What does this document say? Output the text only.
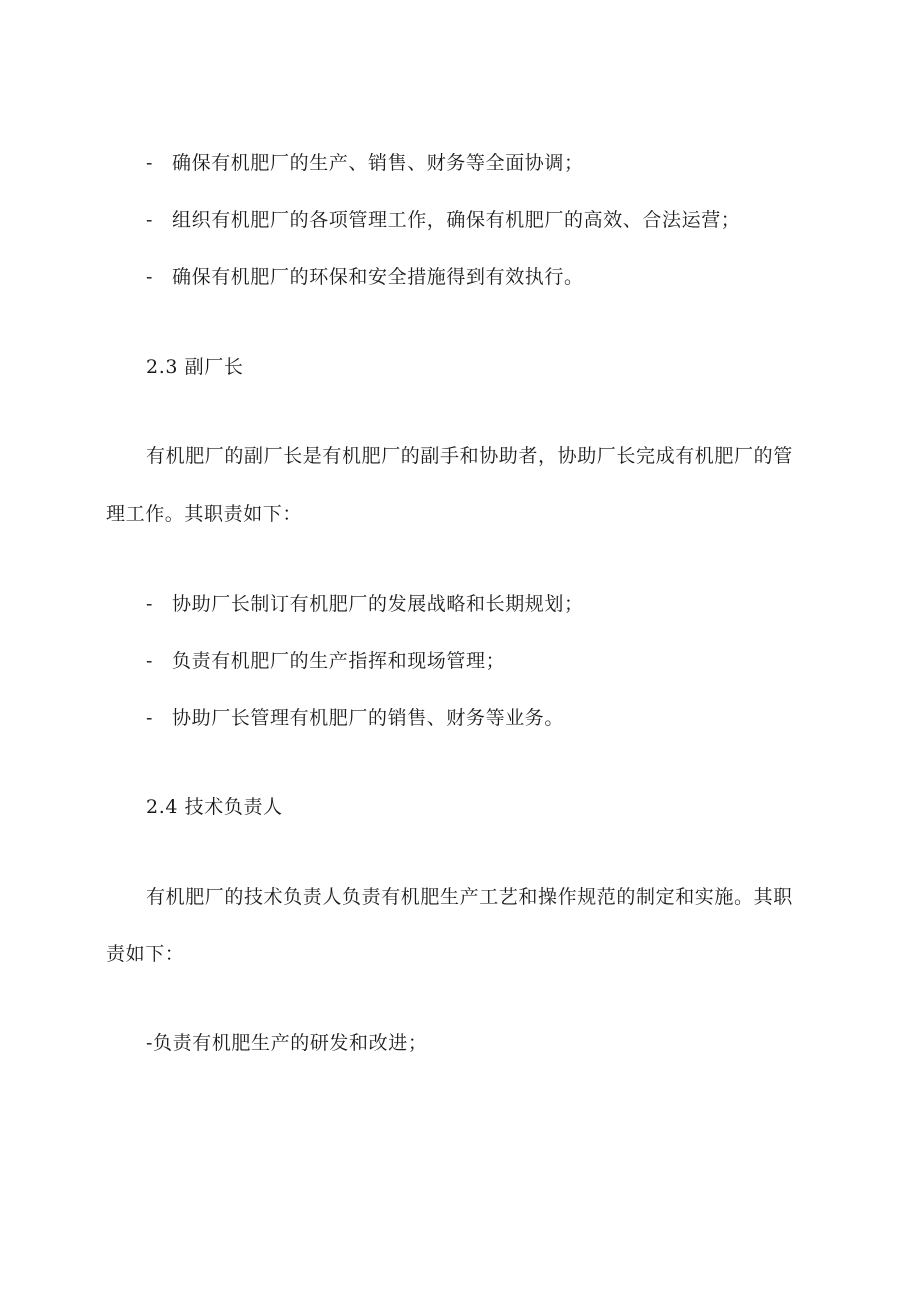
- 确保有机肥厂的生产、销售、财务等全面协调；
- 组织有机肥厂的各项管理工作，确保有机肥厂的高效、合法运营；
- 确保有机肥厂的环保和安全措施得到有效执行。
2.3 副厂长
有机肥厂的副厂长是有机肥厂的副手和协助者，协助厂长完成有机肥厂的管
理工作。其职责如下：
- 协助厂长制订有机肥厂的发展战略和长期规划；
- 负责有机肥厂的生产指挥和现场管理；
- 协助厂长管理有机肥厂的销售、财务等业务。
2.4 技术负责人
有机肥厂的技术负责人负责有机肥生产工艺和操作规范的制定和实施。其职
责如下：
-负责有机肥生产的研发和改进；
